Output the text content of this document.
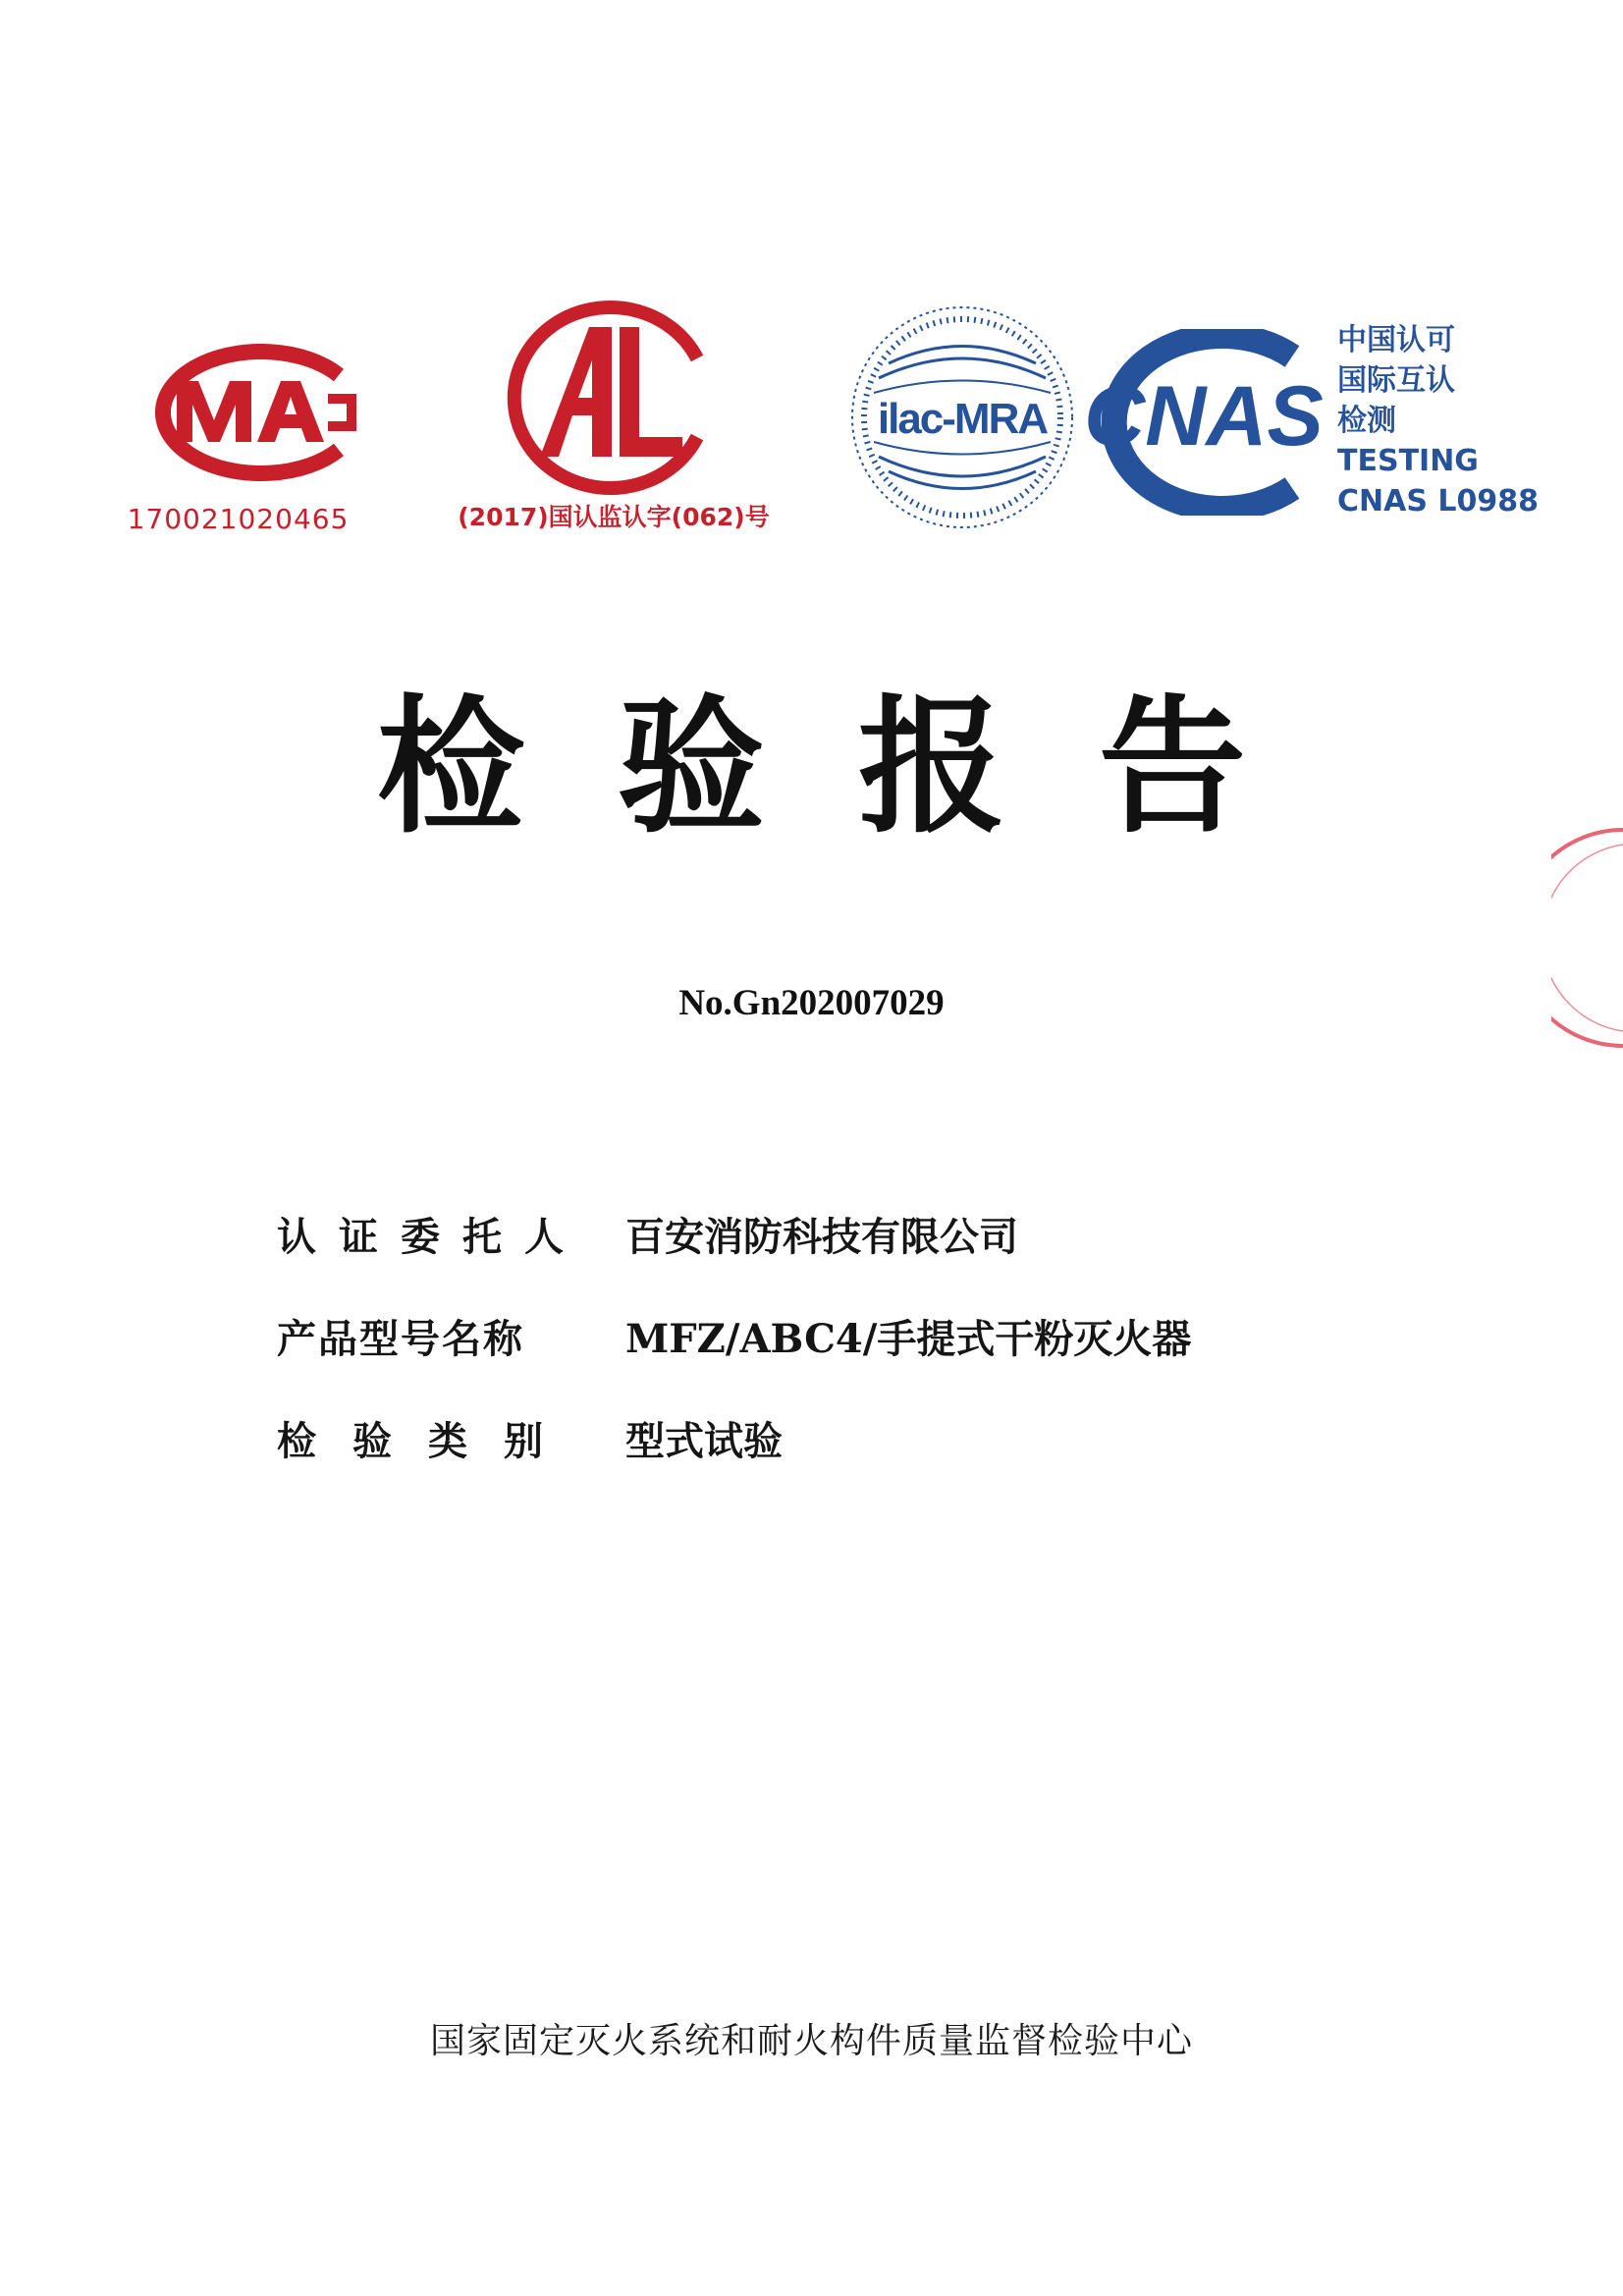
170021020465	(2017)国认监认字(062)号
ilac-MRA CNAS
中国认可
国际互认
检测
TESTING
CNAS L0988
检验报告
No.Gn202007029
认证委托人 百安消防科技有限公司
产品型号名称	MFZ/ABC4/手提式干粉灭火器
检验类别 型式试验
国家固定灭火系统和耐火构件质量监督检验中心
